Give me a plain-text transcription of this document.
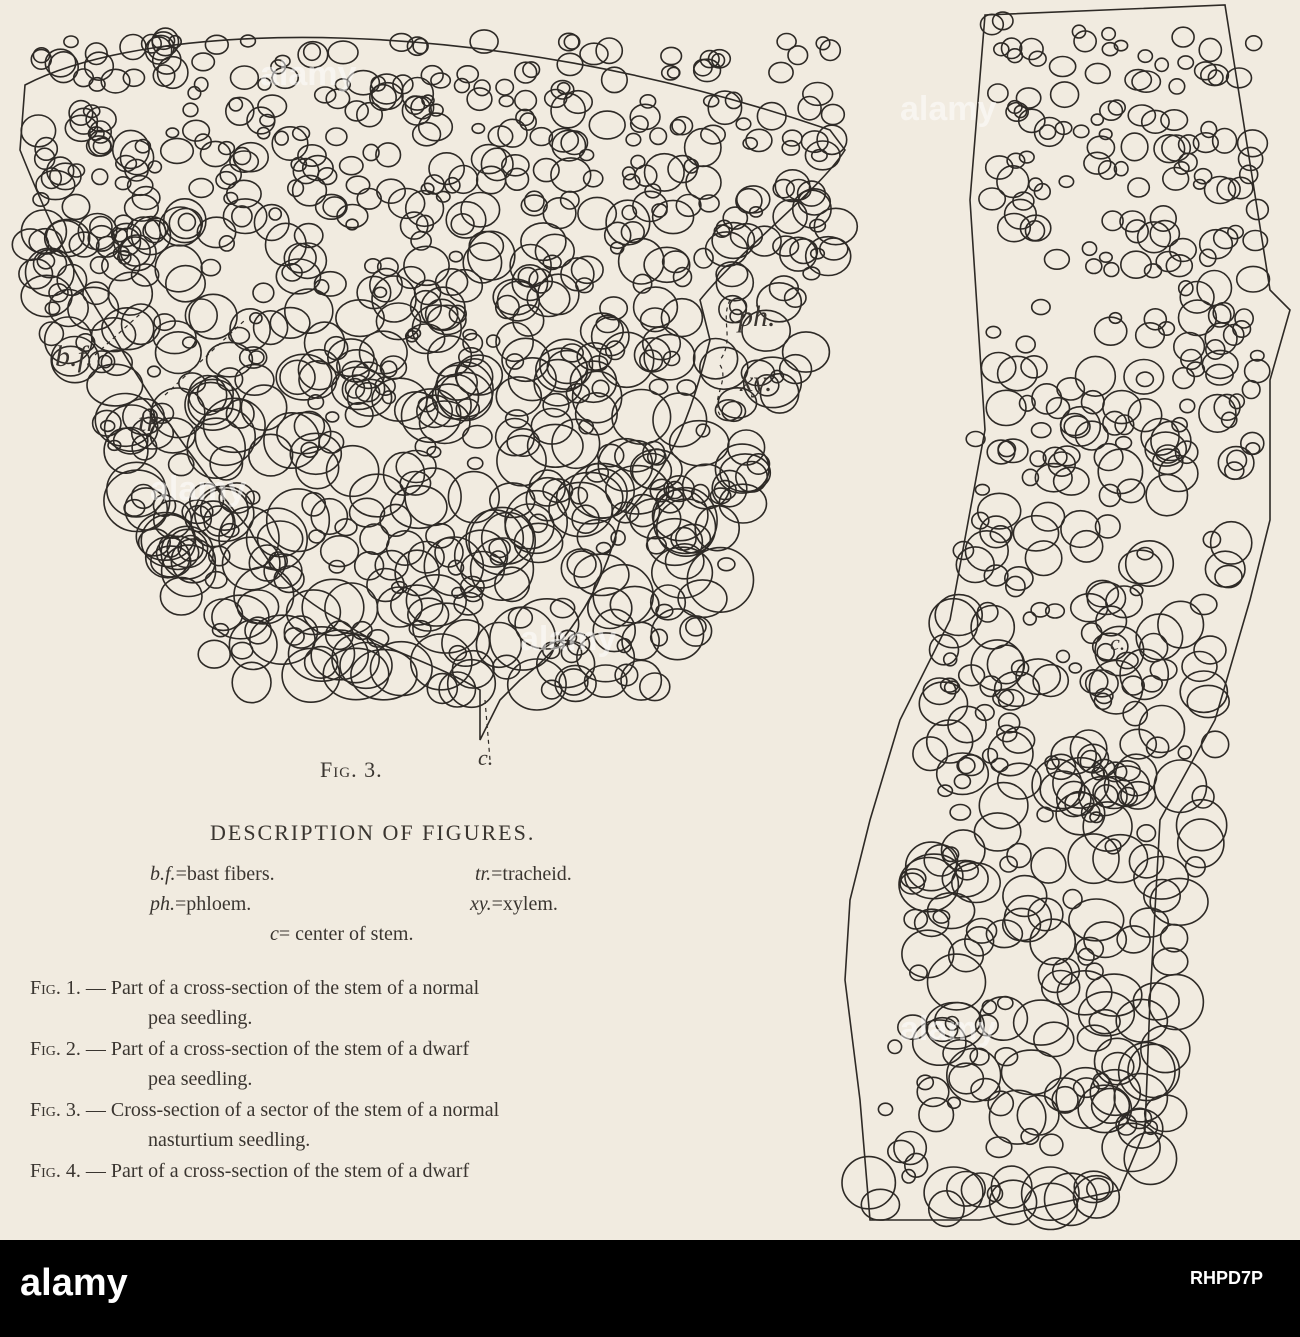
b.f.
tr.
ph.
xy.
c.
c.
Fig. 3.
DESCRIPTION OF FIGURES.
b.f.=bast fibers.	tr.=tracheid.
ph.=phloem.	xy.=xylem.
c= center of stem.
Fig. 1. — Part of a cross-section of the stem of a normal
pea seedling.
Fig. 2. — Part of a cross-section of the stem of a dwarf
pea seedling.
Fig. 3. — Cross-section of a sector of the stem of a normal
nasturtium seedling.
Fig. 4. — Part of a cross-section of the stem of a dwarf
alamy
alamy
alamy
alamy
alamy
alamy	RHPD7P
